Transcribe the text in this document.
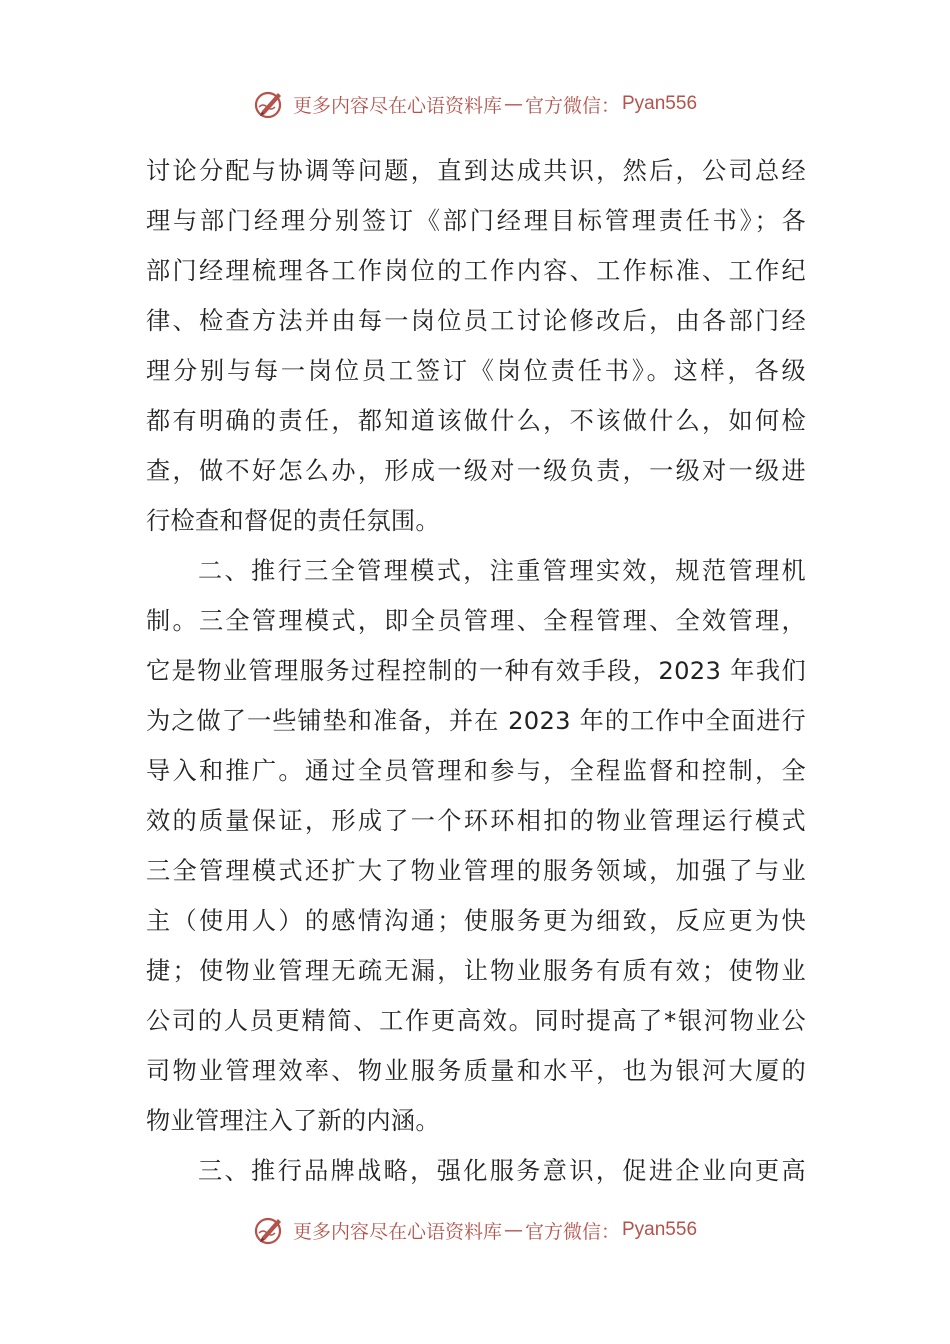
更多内容尽在心语资料库 — 官方微信： Pyan556
讨论分配与协调等问题，直到达成共识，然后，公司总经
理与部门经理分别签订《部门经理目标管理责任书》；各
部门经理梳理各工作岗位的工作内容、工作标准、工作纪
律、检查方法并由每一岗位员工讨论修改后，由各部门经
理分别与每一岗位员工签订《岗位责任书》。这样，各级
都有明确的责任，都知道该做什么，不该做什么，如何检
查，做不好怎么办，形成一级对一级负责，一级对一级进
行检查和督促的责任氛围。
二、推行三全管理模式，注重管理实效，规范管理机
制。三全管理模式，即全员管理、全程管理、全效管理，
它是物业管理服务过程控制的一种有效手段，2023 年我们
为之做了一些铺垫和准备，并在 2023 年的工作中全面进行
导入和推广。通过全员管理和参与，全程监督和控制，全
效的质量保证，形成了一个环环相扣的物业管理运行模式
三全管理模式还扩大了物业管理的服务领域，加强了与业
主（使用人）的感情沟通；使服务更为细致，反应更为快
捷；使物业管理无疏无漏，让物业服务有质有效；使物业
公司的人员更精简、工作更高效。同时提高了*银河物业公
司物业管理效率、物业服务质量和水平，也为银河大厦的
物业管理注入了新的内涵。
三、推行品牌战略，强化服务意识，促进企业向更高
更多内容尽在心语资料库 — 官方微信： Pyan556
